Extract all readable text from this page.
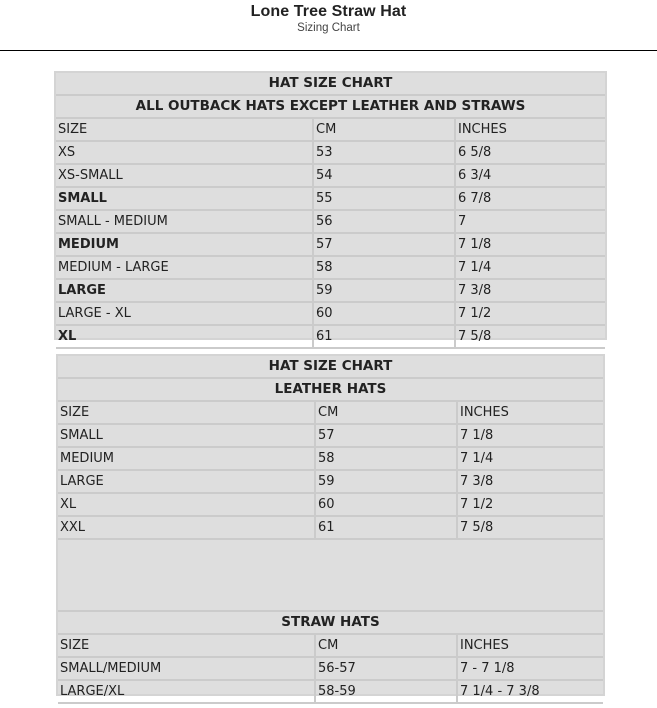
Lone Tree Straw Hat
Sizing Chart
HAT SIZE CHART		
ALL OUTBACK HATS EXCEPT LEATHER AND STRAWS		
SIZE	CM	INCHES
XS	53	6 5/8
XS-SMALL	54	6 3/4
SMALL	55	6 7/8
SMALL - MEDIUM	56	7
MEDIUM	57	7 1/8
MEDIUM - LARGE	58	7 1/4
LARGE	59	7 3/8
LARGE - XL	60	7 1/2
XL	61	7 5/8
HAT SIZE CHART		
LEATHER HATS		
SIZE	CM	INCHES
SMALL	57	7 1/8
MEDIUM	58	7 1/4
LARGE	59	7 3/8
XL	60	7 1/2
XXL	61	7 5/8

STRAW HATS		
SIZE	CM	INCHES
SMALL/MEDIUM	56-57	7 - 7 1/8
LARGE/XL	58-59	7 1/4 - 7 3/8
